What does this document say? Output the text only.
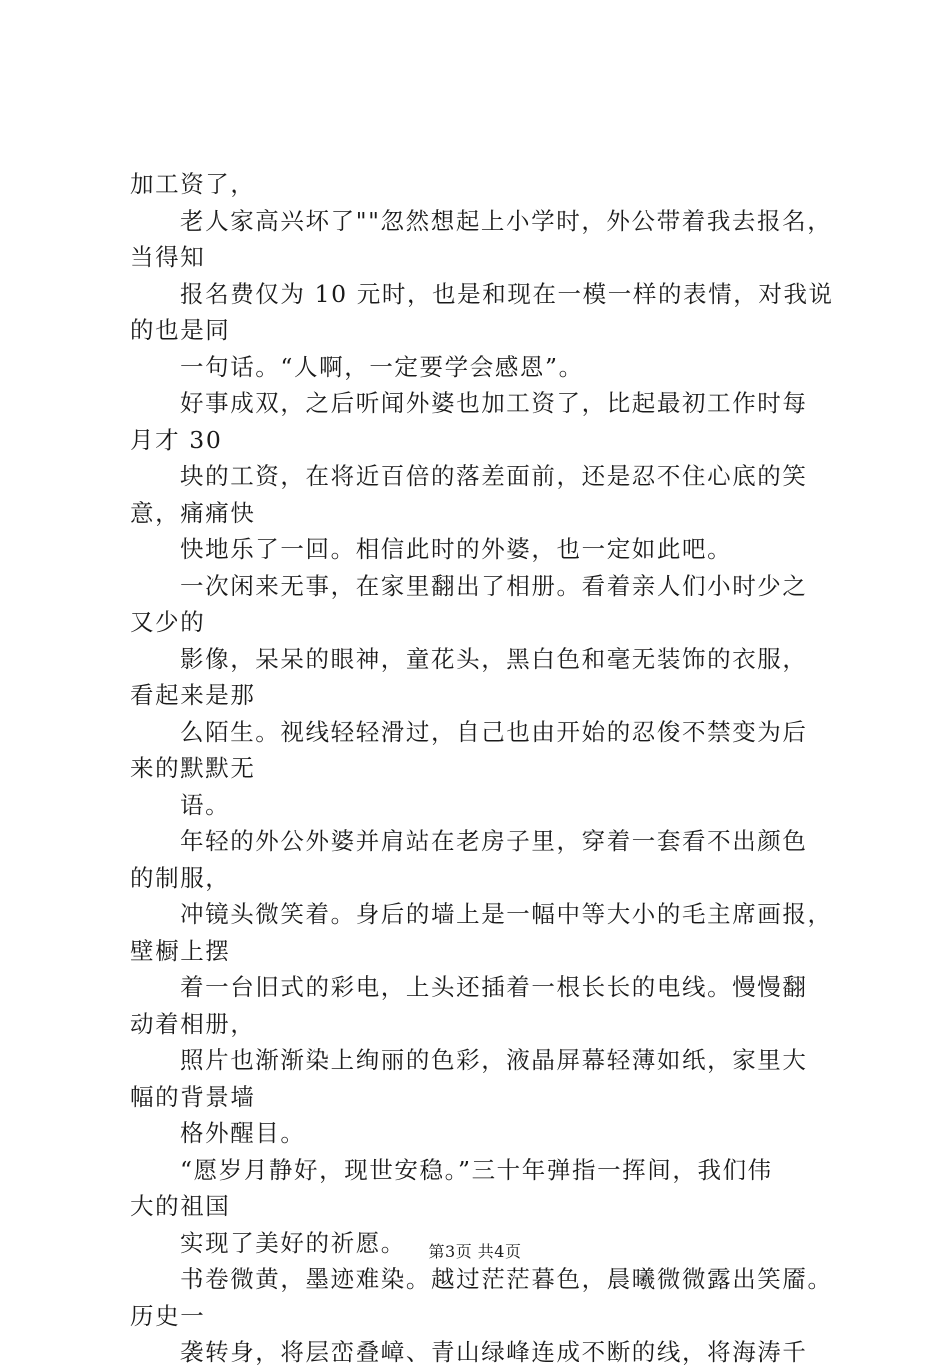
加工资了，
老人家高兴坏了""忽然想起上小学时，外公带着我去报名，
当得知
报名费仅为 10 元时，也是和现在一模一样的表情，对我说
的也是同
一句话。“人啊，一定要学会感恩”。
好事成双，之后听闻外婆也加工资了，比起最初工作时每
月才 30
块的工资，在将近百倍的落差面前，还是忍不住心底的笑
意，痛痛快
快地乐了一回。相信此时的外婆，也一定如此吧。
一次闲来无事，在家里翻出了相册。看着亲人们小时少之
又少的
影像，呆呆的眼神，童花头，黑白色和毫无装饰的衣服，
看起来是那
么陌生。视线轻轻滑过，自己也由开始的忍俊不禁变为后
来的默默无
语。
年轻的外公外婆并肩站在老房子里，穿着一套看不出颜色
的制服，
冲镜头微笑着。身后的墙上是一幅中等大小的毛主席画报，
壁橱上摆
着一台旧式的彩电，上头还插着一根长长的电线。慢慢翻
动着相册，
照片也渐渐染上绚丽的色彩，液晶屏幕轻薄如纸，家里大
幅的背景墙
格外醒目。
“愿岁月静好，现世安稳。”三十年弹指一挥间，我们伟
大的祖国
实现了美好的祈愿。
书卷微黄，墨迹难染。越过茫茫暮色，晨曦微微露出笑靥。
历史一
袭转身，将层峦叠嶂、青山绿峰连成不断的线，将海涛千
第3页 共4页
